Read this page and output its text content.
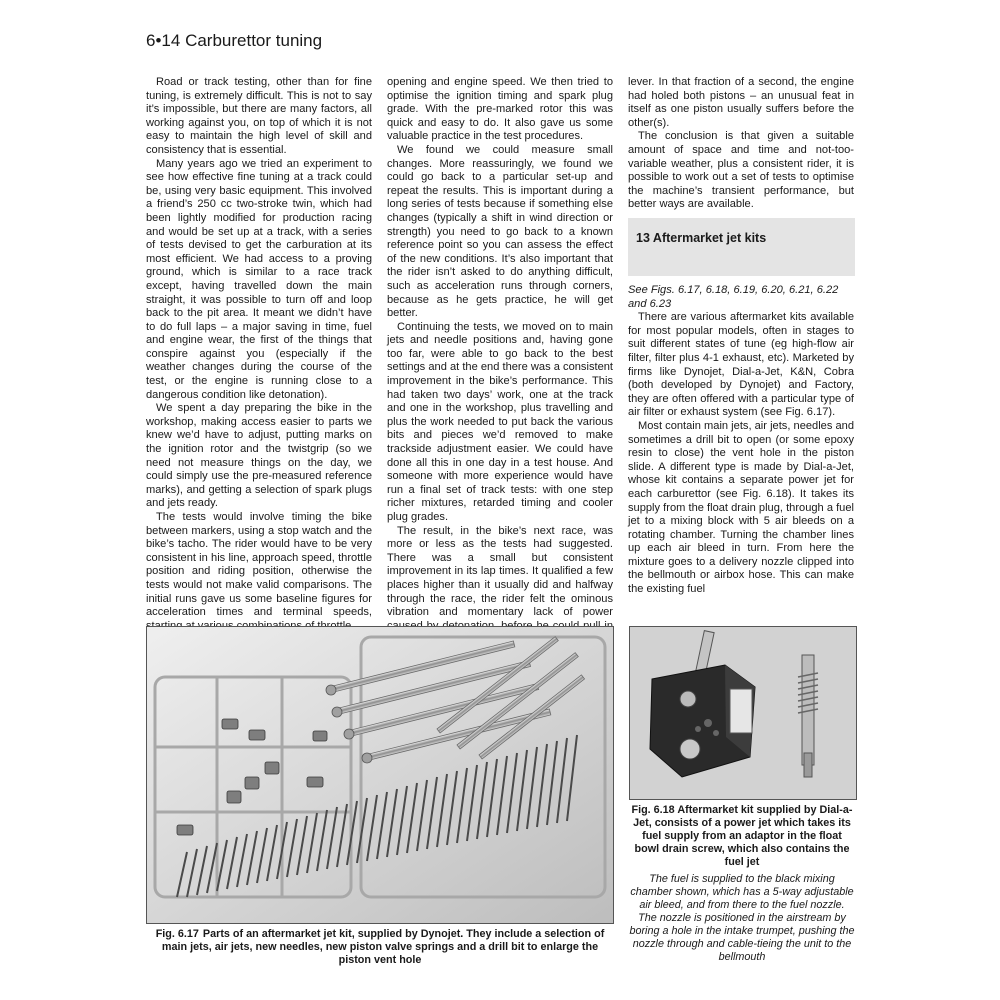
6•14 Carburettor tuning

Road or track testing, other than for fine tuning, is extremely difficult. This is not to say it’s impossible, but there are many factors, all working against you, on top of which it is not easy to maintain the high level of skill and consistency that is essential.

Many years ago we tried an experiment to see how effective fine tuning at a track could be, using very basic equipment. This involved a friend’s 250 cc two-stroke twin, which had been lightly modified for production racing and would be set up at a track, with a series of tests devised to get the carburation at its most efficient. We had access to a proving ground, which is similar to a race track except, having travelled down the main straight, it was possible to turn off and loop back to the pit area. It meant we didn’t have to do full laps – a major saving in time, fuel and engine wear, the first of the things that conspire against you (especially if the weather changes during the course of the test, or the engine is running close to a dangerous condition like detonation).

We spent a day preparing the bike in the workshop, making access easier to parts we knew we’d have to adjust, putting marks on the ignition rotor and the twistgrip (so we need not measure things on the day, we could simply use the pre-measured reference marks), and getting a selection of spark plugs and jets ready.

The tests would involve timing the bike between markers, using a stop watch and the bike’s tacho. The rider would have to be very consistent in his line, approach speed, throttle position and riding position, otherwise the tests would not make valid comparisons. The initial runs gave us some baseline figures for acceleration times and terminal speeds,

opening and engine speed. We then tried to optimise the ignition timing and spark plug grade. With the pre-marked rotor this was quick and easy to do. It also gave us some valuable practice in the test procedures.

We found we could measure small changes. More reassuringly, we found we could go back to a particular set-up and repeat the results. This is important during a long series of tests because if something else changes (typically a shift in wind direction or strength) you need to go back to a known reference point so you can assess the effect of the new conditions. It’s also important that the rider isn’t asked to do anything difficult, such as acceleration runs through corners, because as he gets practice, he will get better.

Continuing the tests, we moved on to main jets and needle positions and, having gone too far, were able to go back to the best settings and at the end there was a consistent improvement in the bike’s performance. This had taken two days’ work, one at the track and one in the workshop, plus travelling and plus the work needed to put back the various bits and pieces we’d removed to make trackside adjustment easier. We could have done all this in one day in a test house. And someone with more experience would have run a final set of track tests: with one step richer mixtures, retarded timing and cooler plug grades.

The result, in the bike’s next race, was more or less as the tests had suggested. There was a small but consistent improvement in its lap times. It qualified a few places higher than it usually did and halfway through the race, the rider felt the ominous vibration and momentary lack of power

lever. In that fraction of a second, the engine had holed both pistons – an unusual feat in itself as one piston usually suffers before the other(s).

The conclusion is that given a suitable amount of space and time and not-too-variable weather, plus a consistent rider, it is possible to work out a set of tests to optimise the machine’s transient performance, but better ways are available.

13 Aftermarket jet kits

See Figs. 6.17, 6.18, 6.19, 6.20, 6.21, 6.22 and 6.23

There are various aftermarket kits available for most popular models, often in stages to suit different states of tune (eg high-flow air filter, filter plus 4-1 exhaust, etc). Marketed by firms like Dynojet, Dial-a-Jet, K&N, Cobra (both developed by Dynojet) and Factory, they are often offered with a particular type of air filter or exhaust system (see Fig. 6.17).

Most contain main jets, air jets, needles and sometimes a drill bit to open (or some epoxy resin to close) the vent hole in the piston slide. A different type is made by Dial-a-Jet, whose kit contains a separate power jet for each carburettor (see Fig. 6.18). It takes its supply from the float drain plug, through a fuel jet to a mixing block with 5 air bleeds on a rotating chamber. Turning the chamber lines up each air bleed in turn. From here the mixture goes to a delivery nozzle clipped into the bellmouth or airbox hose. This can make the existing fuel

Fig. 6.17 Parts of an aftermarket jet kit, supplied by Dynojet. They include a selection of main jets, air jets, new needles, new piston valve springs and a drill bit to enlarge the piston vent hole
Fig. 6.18 Aftermarket kit supplied by Dial-a-Jet, consists of a power jet which takes its fuel supply from an adaptor in the float bowl drain screw, which also contains the fuel jet
The fuel is supplied to the black mixing chamber shown, which has a 5-way adjustable air bleed, and from there to the fuel nozzle. The nozzle is positioned in the airstream by boring a hole in the intake trumpet, pushing the nozzle through and cable-tieing the unit to the bellmouth
